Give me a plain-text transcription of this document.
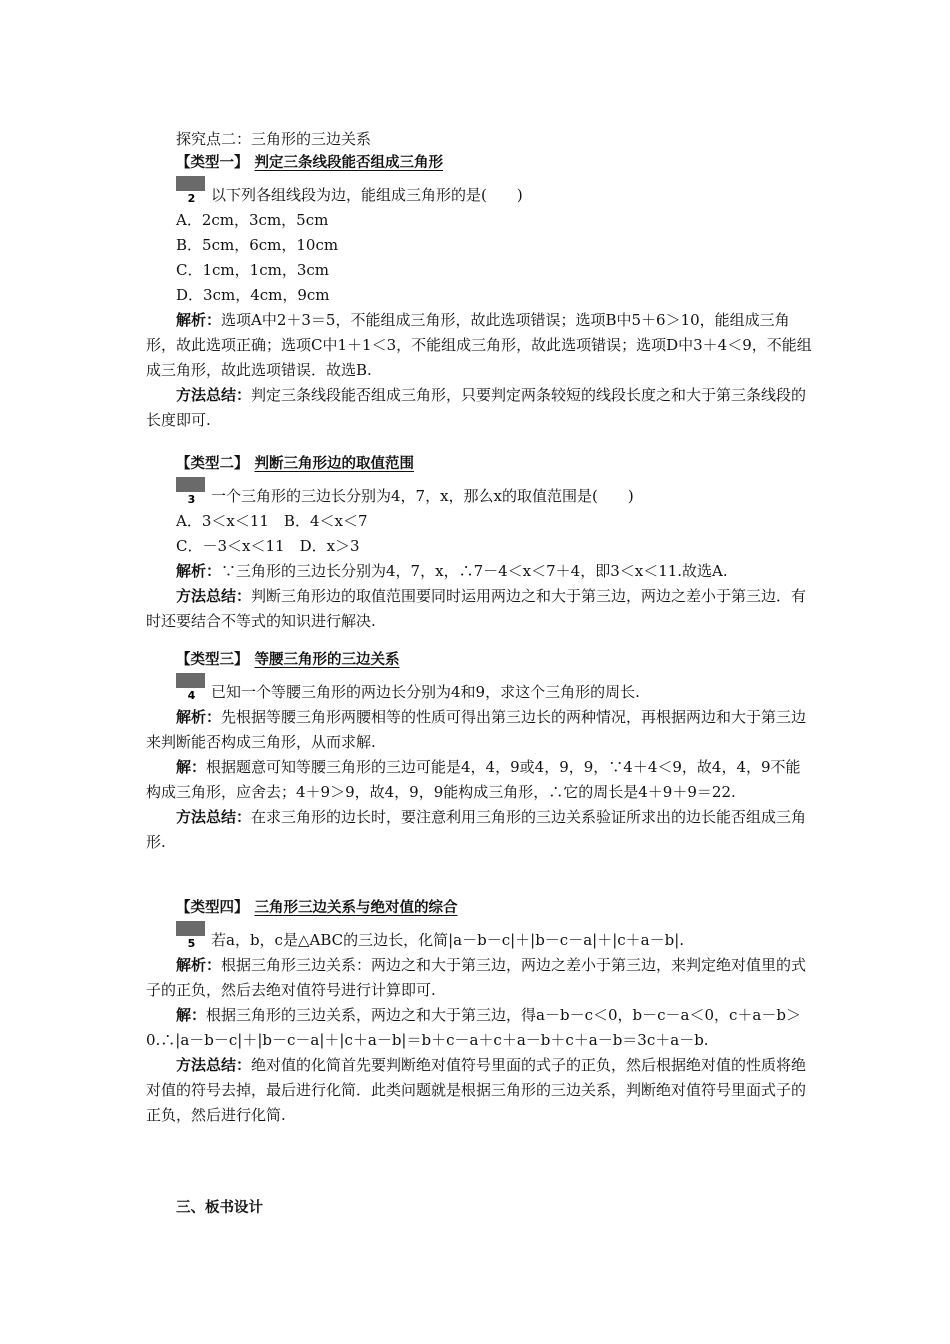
探究点二：三角形的三边关系

【类型一】 判定三条线段能否组成三角形

例2 以下列各组线段为边，能组成三角形的是(　　)

A．2cm，3cm，5cm

B．5cm，6cm，10cm

C．1cm，1cm，3cm

D．3cm，4cm，9cm

解析：选项A中2＋3＝5，不能组成三角形，故此选项错误；选项B中5＋6＞10，能组成三角形，故此选项正确；选项C中1＋1＜3，不能组成三角形，故此选项错误；选项D中3＋4＜9，不能组成三角形，故此选项错误．故选B.

方法总结：判定三条线段能否组成三角形，只要判定两条较短的线段长度之和大于第三条线段的长度即可.

【类型二】 判断三角形边的取值范围

例3 一个三角形的三边长分别为4，7，x，那么x的取值范围是(　　)

A．3＜x＜11　B．4＜x＜7

C．－3＜x＜11　D．x＞3

解析：∵三角形的三边长分别为4，7，x，∴7－4＜x＜7＋4，即3＜x＜11.故选A.

方法总结：判断三角形边的取值范围要同时运用两边之和大于第三边，两边之差小于第三边．有时还要结合不等式的知识进行解决.

【类型三】 等腰三角形的三边关系

例4 已知一个等腰三角形的两边长分别为4和9，求这个三角形的周长.

解析：先根据等腰三角形两腰相等的性质可得出第三边长的两种情况，再根据两边和大于第三边来判断能否构成三角形，从而求解.

解：根据题意可知等腰三角形的三边可能是4，4，9或4，9，9，∵4＋4＜9，故4，4，9不能构成三角形，应舍去；4＋9＞9，故4，9，9能构成三角形，∴它的周长是4＋9＋9＝22.

方法总结：在求三角形的边长时，要注意利用三角形的三边关系验证所求出的边长能否组成三角形.

【类型四】 三角形三边关系与绝对值的综合

例5 若a，b，c是△ABC的三边长，化简|a－b－c|＋|b－c－a|＋|c＋a－b|.

解析：根据三角形三边关系：两边之和大于第三边，两边之差小于第三边，来判定绝对值里的式子的正负，然后去绝对值符号进行计算即可.

解：根据三角形的三边关系，两边之和大于第三边，得a－b－c＜0，b－c－a＜0，c＋a－b＞0.∴|a－b－c|＋|b－c－a|＋|c＋a－b|＝b＋c－a＋c＋a－b＋c＋a－b＝3c＋a－b.

方法总结：绝对值的化简首先要判断绝对值符号里面的式子的正负，然后根据绝对值的性质将绝对值的符号去掉，最后进行化简．此类问题就是根据三角形的三边关系，判断绝对值符号里面式子的正负，然后进行化简.

三、板书设计
